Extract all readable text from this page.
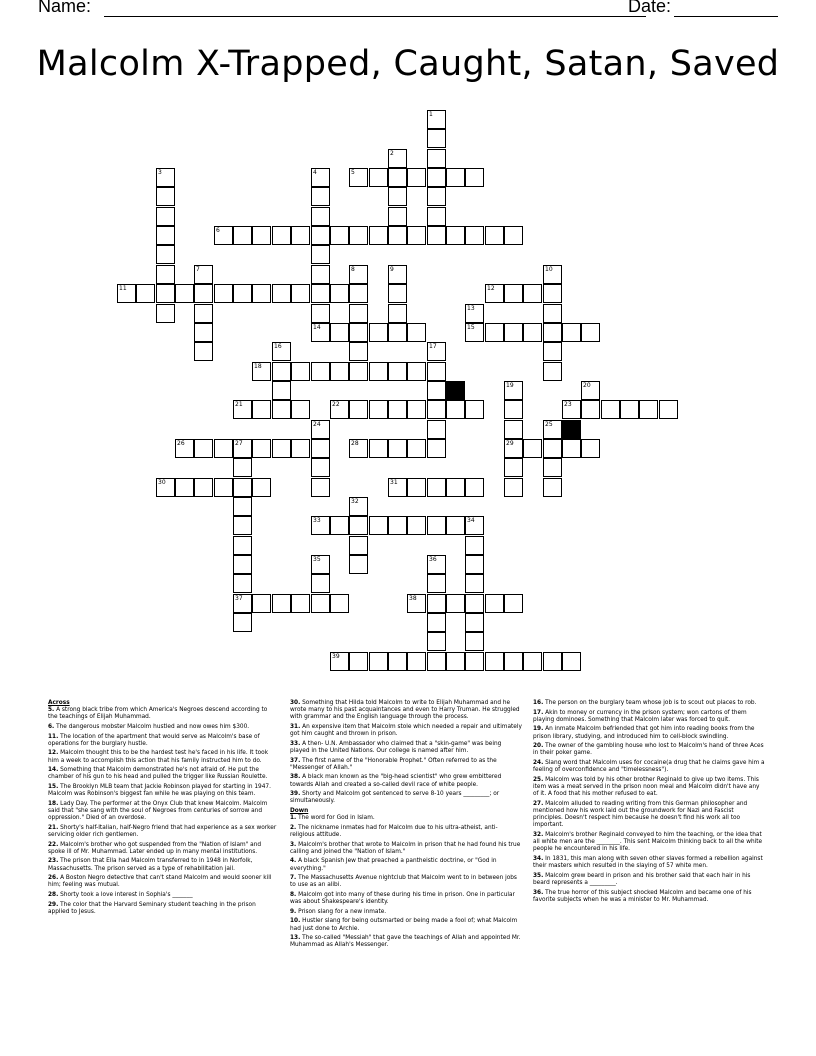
Name:	Date:
Malcolm X-Trapped, Caught, Satan, Saved
1
2
3	4	5
6
7	8	9	10
11	12
13
14	15
16	17
18
19
29
20
21	22	23
24	25
26	27
37
28
30	31
32
33	34
35	36
38
39
Across
5. A strong black tribe from which America's Negroes descend according to the teachings of Elijah Muhammad.
6. The dangerous mobster Malcolm hustled and now owes him $300.
11. The location of the apartment that would serve as Malcolm's base of operations for the burglary hustle.
12. Malcolm thought this to be the hardest test he's faced in his life. It took him a week to accomplish this action that his family instructed him to do.
14. Something that Malcolm demonstrated he's not afraid of. He put the chamber of his gun to his head and pulled the trigger like Russian Roulette.
15. The Brooklyn MLB team that Jackie Robinson played for starting in 1947. Malcolm was Robinson's biggest fan while he was playing on this team.
18. Lady Day. The performer at the Onyx Club that knew Malcolm. Malcolm said that "she sang with the soul of Negroes from centuries of sorrow and oppression." Died of an overdose.
21. Shorty's half-Italian, half-Negro friend that had experience as a sex worker servicing older rich gentlemen.
22. Malcolm's brother who got suspended from the "Nation of Islam" and spoke ill of Mr. Muhammad. Later ended up in many mental institutions.
23. The prison that Ella had Malcolm transferred to in 1948 in Norfolk, Massachusetts. The prison served as a type of rehabilitation jail.
26. A Boston Negro detective that can't stand Malcolm and would sooner kill him; feeling was mutual.
28. Shorty took a love interest in Sophia's _______
29. The color that the Harvard Seminary student teaching in the prison applied to Jesus.
30. Something that Hilda told Malcolm to write to Elijah Muhammad and he wrote many to his past acquaintances and even to Harry Truman. He struggled with grammar and the English language through the process.
31. An expensive item that Malcolm stole which needed a repair and ultimately got him caught and thrown in prison.
33. A then- U.N. Ambassador who claimed that a "skin-game" was being played in the United Nations. Our college is named after him.
37. The first name of the "Honorable Prophet." Often referred to as the "Messenger of Allah."
38. A black man known as the "big-head scientist" who grew embittered towards Allah and created a so-called devil race of white people.
39. Shorty and Malcolm got sentenced to serve 8-10 years _________; or simultaneously.
Down
1. The word for God in Islam.
2. The nickname inmates had for Malcolm due to his ultra-atheist, anti-religious attitude.
3. Malcolm's brother that wrote to Malcolm in prison that he had found his true calling and joined the "Nation of Islam."
4. A black Spanish Jew that preached a pantheistic doctrine, or "God in everything."
7. The Massachusetts Avenue nightclub that Malcolm went to in between jobs to use as an alibi.
8. Malcolm got into many of these during his time in prison. One in particular was about Shakespeare's identity.
9. Prison slang for a new inmate.
10. Hustler slang for being outsmarted or being made a fool of; what Malcolm had just done to Archie.
13. The so-called "Messiah" that gave the teachings of Allah and appointed Mr. Muhammad as Allah's Messenger.
16. The person on the burglary team whose job is to scout out places to rob.
17. Akin to money or currency in the prison system; won cartons of them playing dominoes. Something that Malcolm later was forced to quit.
19. An inmate Malcolm befriended that got him into reading books from the prison library, studying, and introduced him to cell-block swindling.
20. The owner of the gambling house who lost to Malcolm's hand of three Aces in their poker game.
24. Slang word that Malcolm uses for cocaine(a drug that he claims gave him a feeling of overconfidence and "timelessness").
25. Malcolm was told by his other brother Reginald to give up two items. This item was a meat served in the prison noon meal and Malcolm didn't have any of it. A food that his mother refused to eat.
27. Malcolm alluded to reading writing from this German philosopher and mentioned how his work laid out the groundwork for Nazi and Fascist principles. Doesn't respect him because he doesn't find his work all too important.
32. Malcolm's brother Reginald conveyed to him the teaching, or the idea that all white men are the ________. This sent Malcolm thinking back to all the white people he encountered in his life.
34. In 1831, this man along with seven other slaves formed a rebellion against their masters which resulted in the slaying of 57 white men.
35. Malcolm grew beard in prison and his brother said that each hair in his beard represents a _________.
36. The true horror of this subject shocked Malcolm and became one of his favorite subjects when he was a minister to Mr. Muhammad.
